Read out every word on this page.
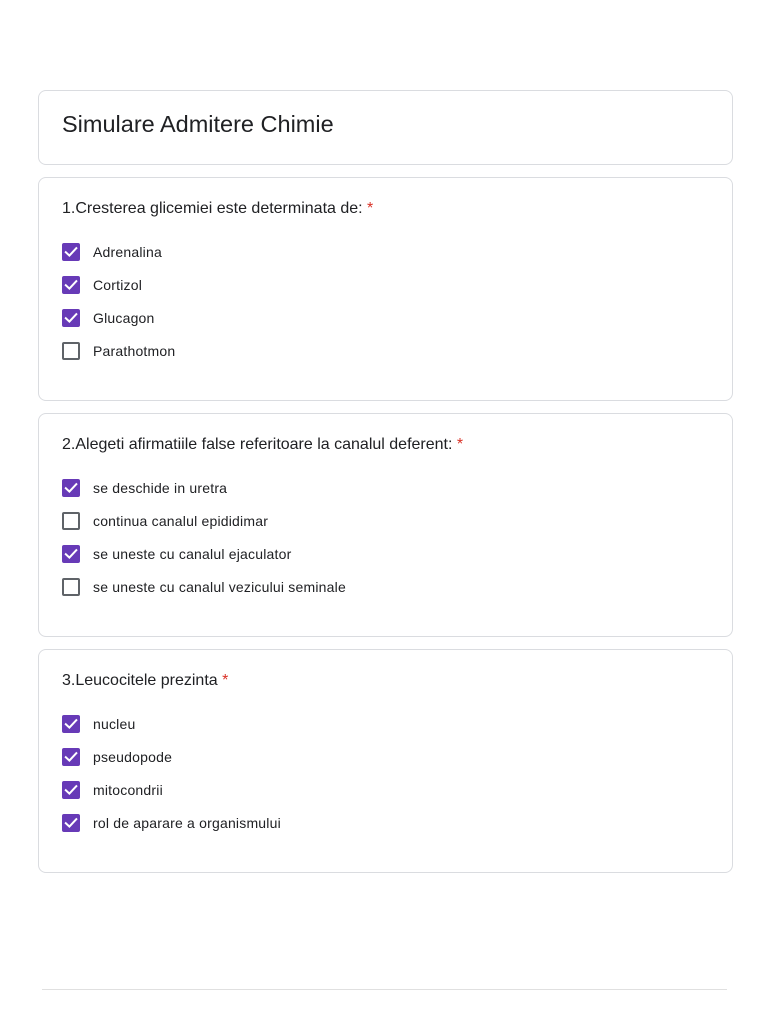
Simulare Admitere Chimie
1.Cresterea glicemiei este determinata de: *
Adrenalina
Cortizol
Glucagon
Parathotmon
2.Alegeti afirmatiile false referitoare la canalul deferent: *
se deschide in uretra
continua canalul epididimar
se uneste cu canalul ejaculator
se uneste cu canalul vezicului seminale
3.Leucocitele prezinta *
nucleu
pseudopode
mitocondrii
rol de aparare a organismului
